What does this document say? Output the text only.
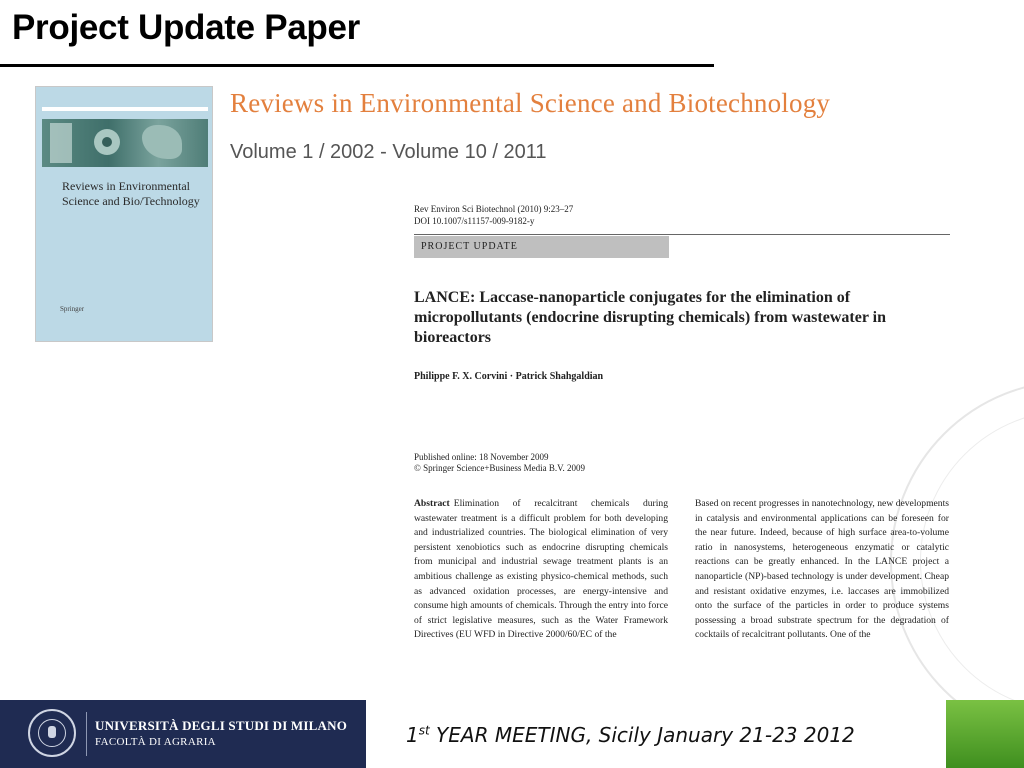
Project Update Paper
Reviews in Environmental Science and Bio/Technology
Springer
Reviews in Environmental Science and Biotechnology
Volume 1 / 2002 - Volume 10 / 2011
Rev Environ Sci Biotechnol (2010) 9:23–27
DOI 10.1007/s11157-009-9182-y
PROJECT UPDATE
LANCE: Laccase-nanoparticle conjugates for the elimination of micropollutants (endocrine disrupting chemicals) from wastewater in bioreactors
Philippe F. X. Corvini · Patrick Shahgaldian
Published online: 18 November 2009
© Springer Science+Business Media B.V. 2009
Abstract Elimination of recalcitrant chemicals during wastewater treatment is a difficult problem for both developing and industrialized countries. The biological elimination of very persistent xenobiotics such as endocrine disrupting chemicals from municipal and industrial sewage treatment plants is an ambitious challenge as existing physico-chemical methods, such as advanced oxidation processes, are energy-intensive and consume high amounts of chemicals. Through the entry into force of strict legislative measures, such as the Water Framework Directives (EU WFD in Directive 2000/60/EC of the
Based on recent progresses in nanotechnology, new developments in catalysis and environmental applications can be foreseen for the near future. Indeed, because of high surface area-to-volume ratio in nanosystems, heterogeneous enzymatic or catalytic reactions can be greatly enhanced. In the LANCE project a nanoparticle (NP)-based technology is under development. Cheap and resistant oxidative enzymes, i.e. laccases are immobilized onto the surface of the particles in order to produce systems possessing a broad substrate spectrum for the degradation of cocktails of recalcitrant pollutants. One of the
UNIVERSITÀ DEGLI STUDI DI MILANO
FACOLTÀ DI AGRARIA	1st YEAR MEETING, Sicily January 21-23 2012
